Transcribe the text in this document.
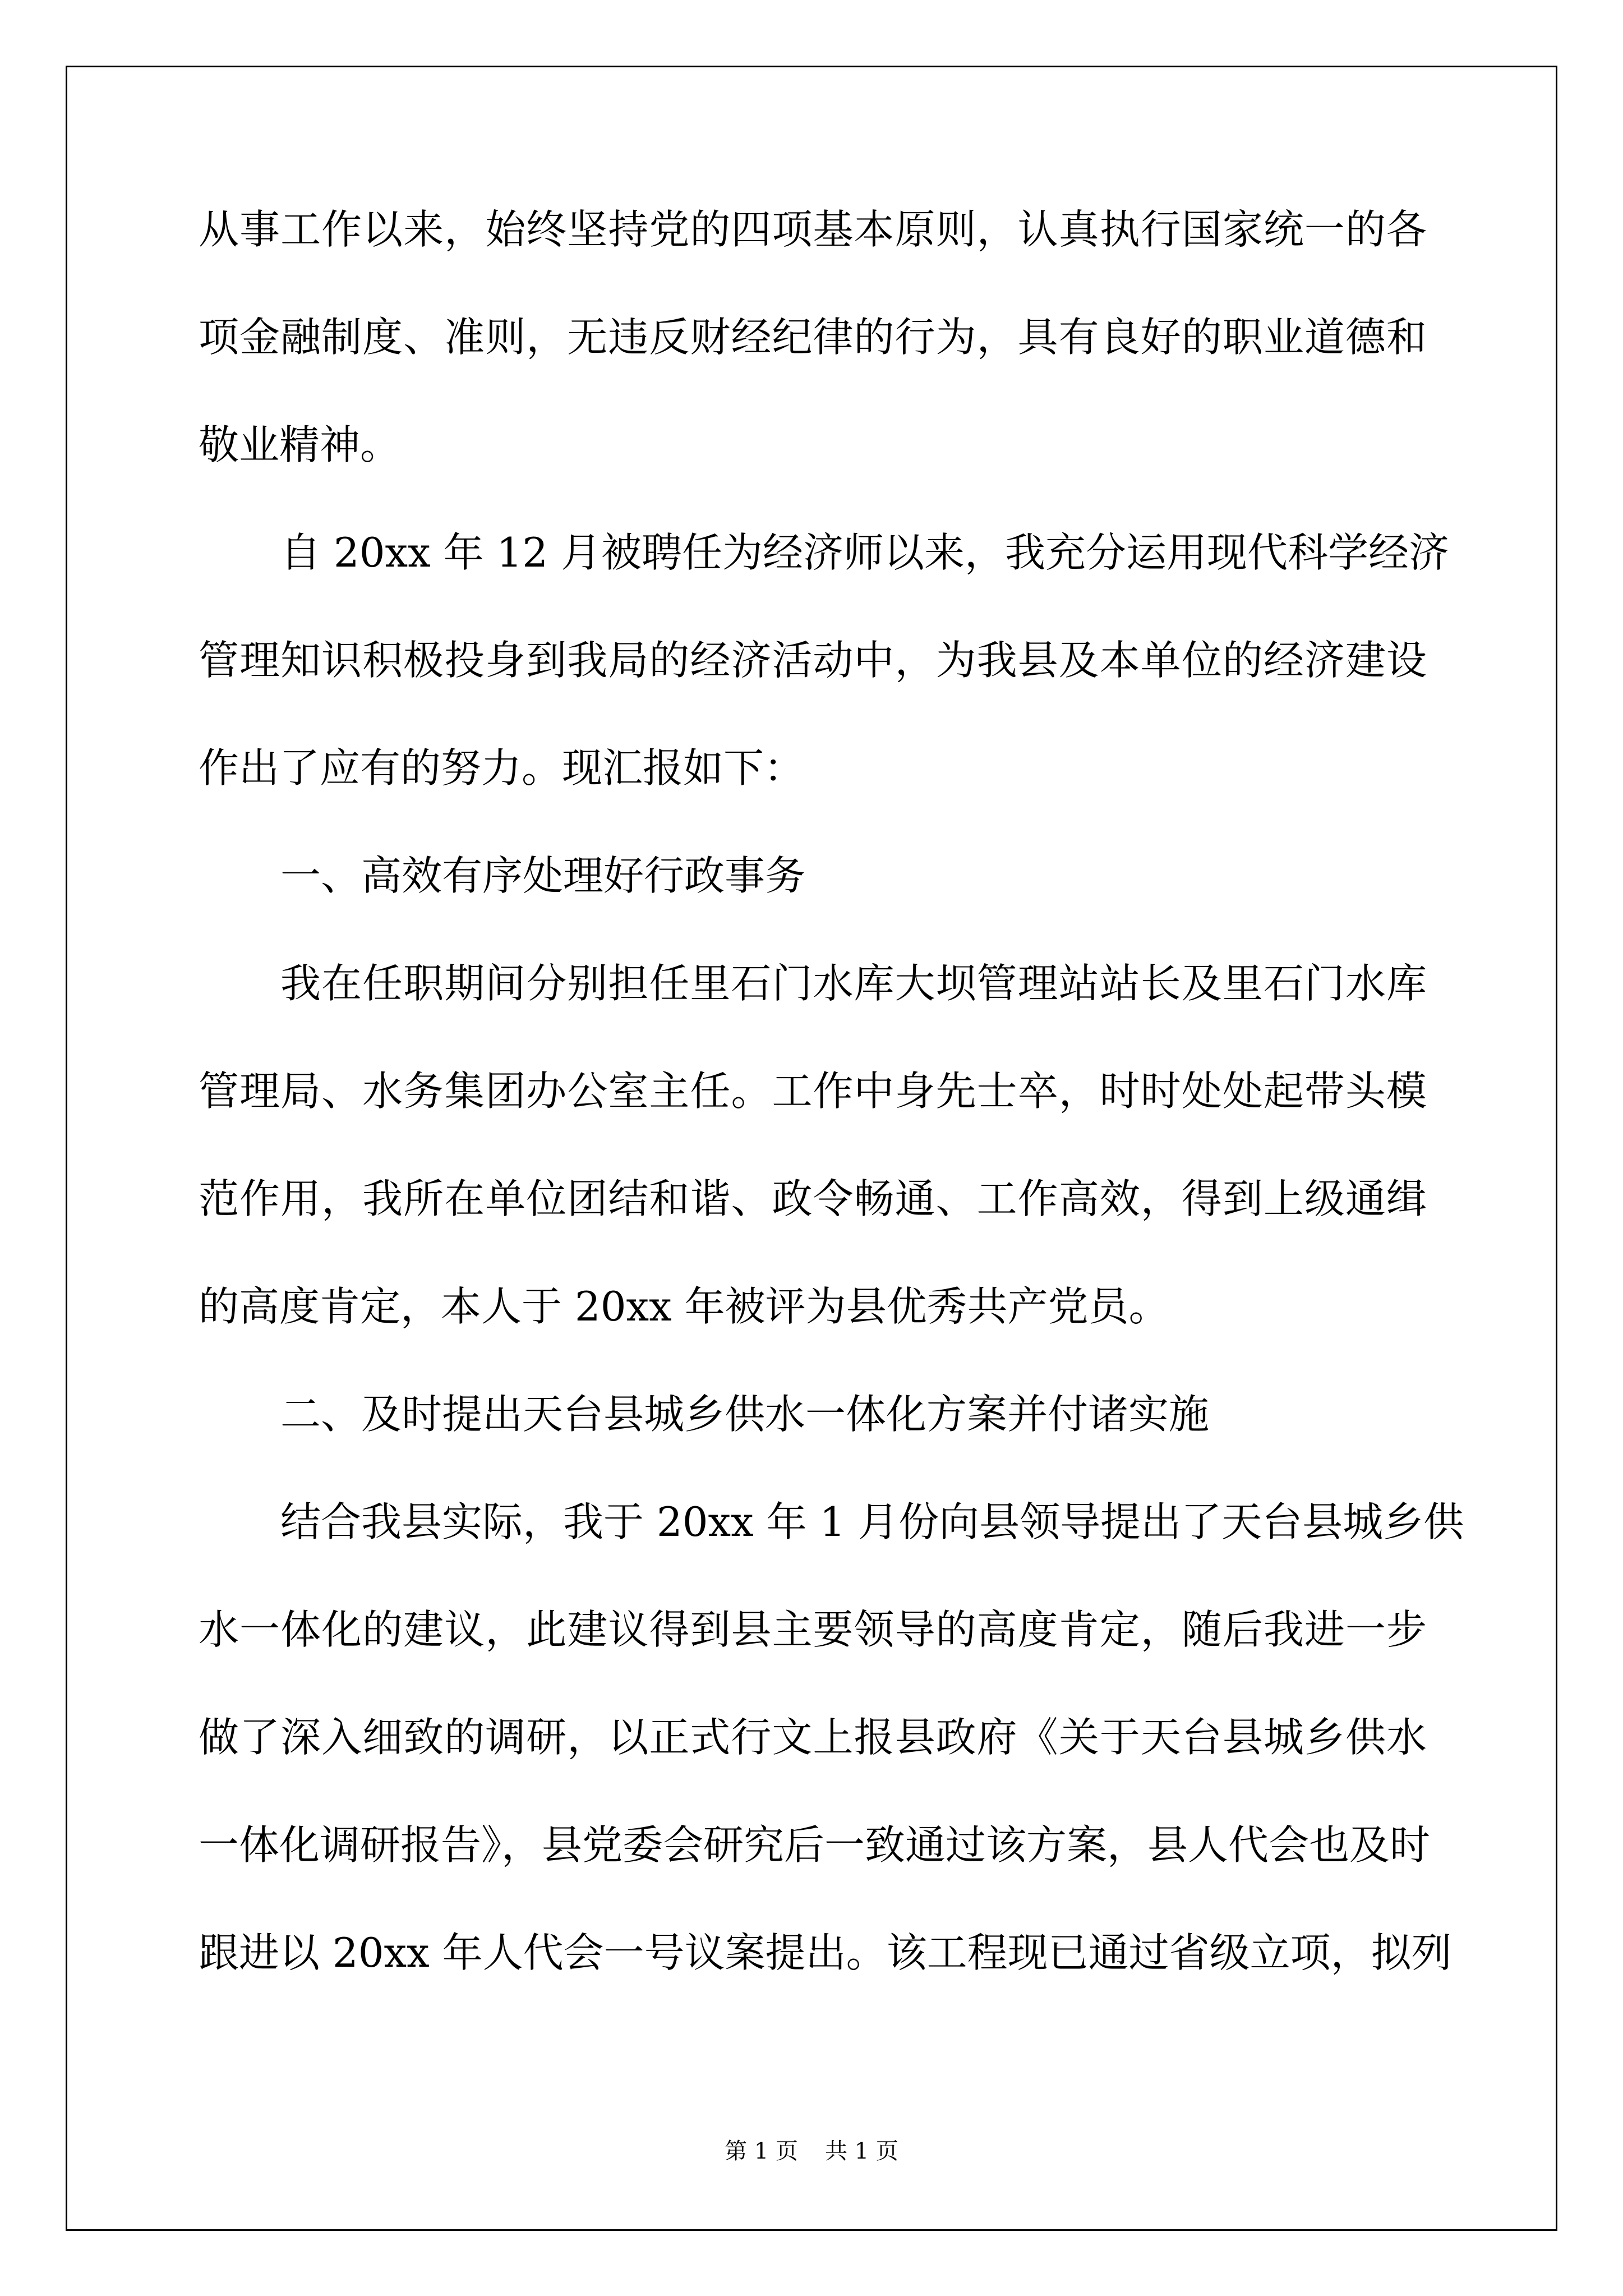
从事工作以来，始终坚持党的四项基本原则，认真执行国家统一的各
项金融制度、准则，无违反财经纪律的行为，具有良好的职业道德和
敬业精神。
自 20xx 年 12 月被聘任为经济师以来，我充分运用现代科学经济
管理知识积极投身到我局的经济活动中，为我县及本单位的经济建设
作出了应有的努力。现汇报如下：
一、高效有序处理好行政事务
我在任职期间分别担任里石门水库大坝管理站站长及里石门水库
管理局、水务集团办公室主任。工作中身先士卒，时时处处起带头模
范作用，我所在单位团结和谐、政令畅通、工作高效，得到上级通缉
的高度肯定，本人于 20xx 年被评为县优秀共产党员。
二、及时提出天台县城乡供水一体化方案并付诸实施
结合我县实际，我于 20xx 年 1 月份向县领导提出了天台县城乡供
水一体化的建议，此建议得到县主要领导的高度肯定，随后我进一步
做了深入细致的调研，以正式行文上报县政府《关于天台县城乡供水
一体化调研报告》，县党委会研究后一致通过该方案，县人代会也及时
跟进以 20xx 年人代会一号议案提出。该工程现已通过省级立项，拟列
第 1 页 共 1 页
